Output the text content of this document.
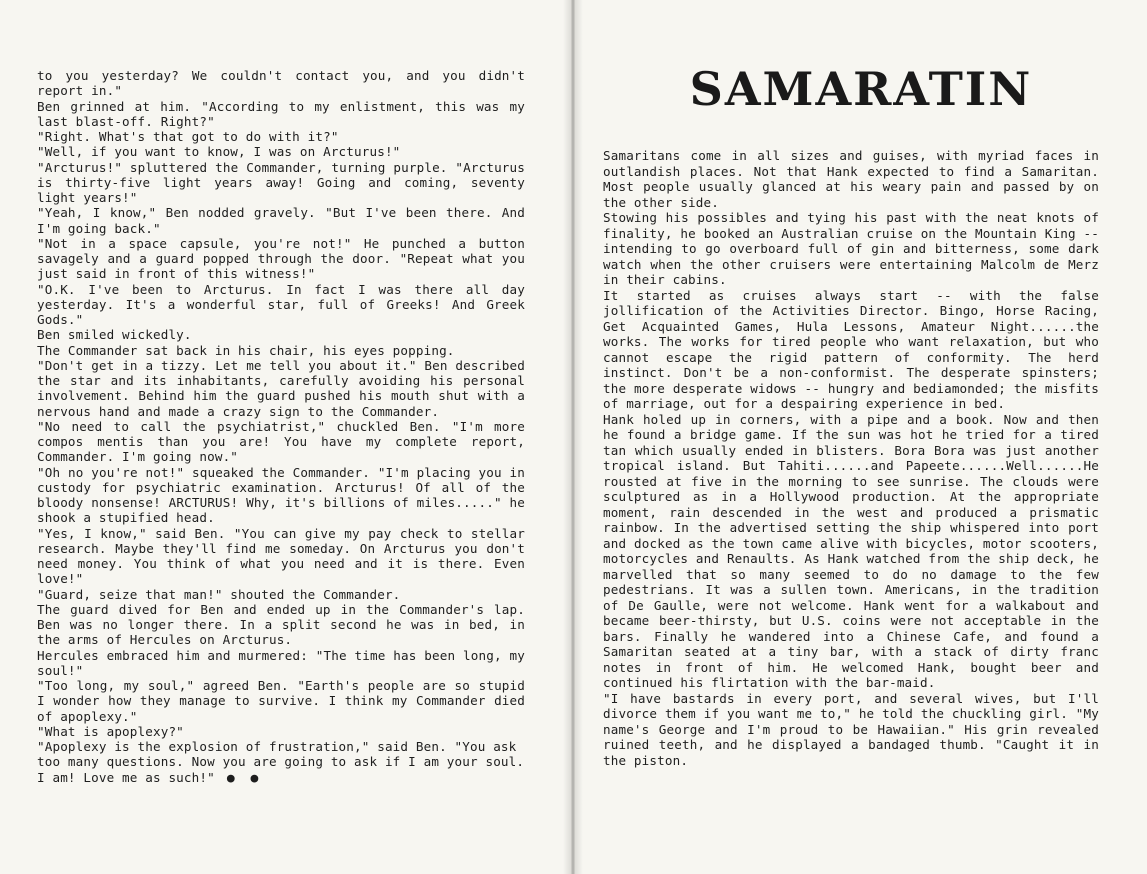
to you yesterday? We couldn't contact you, and you didn't report in."

Ben grinned at him. "According to my enlistment, this was my last blast-off. Right?"

"Right. What's that got to do with it?"

"Well, if you want to know, I was on Arcturus!"

"Arcturus!" spluttered the Commander, turning purple. "Arcturus is thirty-five light years away! Going and coming, seventy light years!"

"Yeah, I know," Ben nodded gravely. "But I've been there. And I'm going back."

"Not in a space capsule, you're not!" He punched a button savagely and a guard popped through the door. "Repeat what you just said in front of this witness!"

"O.K. I've been to Arcturus. In fact I was there all day yesterday. It's a wonderful star, full of Greeks! And Greek Gods."

Ben smiled wickedly.

The Commander sat back in his chair, his eyes popping.

"Don't get in a tizzy. Let me tell you about it." Ben described the star and its inhabitants, carefully avoiding his personal involvement. Behind him the guard pushed his mouth shut with a nervous hand and made a crazy sign to the Commander.

"No need to call the psychiatrist," chuckled Ben. "I'm more compos mentis than you are! You have my complete report, Commander. I'm going now."

"Oh no you're not!" squeaked the Commander. "I'm placing you in custody for psychiatric examination. Arcturus! Of all of the bloody nonsense! ARCTURUS! Why, it's billions of miles....." he shook a stupified head.

"Yes, I know," said Ben. "You can give my pay check to stellar research. Maybe they'll find me someday. On Arcturus you don't need money. You think of what you need and it is there. Even love!"

"Guard, seize that man!" shouted the Commander.

The guard dived for Ben and ended up in the Commander's lap. Ben was no longer there. In a split second he was in bed, in the arms of Hercules on Arcturus.

Hercules embraced him and murmered: "The time has been long, my soul!"

"Too long, my soul," agreed Ben. "Earth's people are so stupid I wonder how they manage to survive. I think my Commander died of apoplexy."

"What is apoplexy?"

"Apoplexy is the explosion of frustration," said Ben. "You ask too many questions. Now you are going to ask if I am your soul. I am! Love me as such!" ● ●

SAMARATIN

Samaritans come in all sizes and guises, with myriad faces in outlandish places. Not that Hank expected to find a Samaritan. Most people usually glanced at his weary pain and passed by on the other side.

Stowing his possibles and tying his past with the neat knots of finality, he booked an Australian cruise on the Mountain King -- intending to go overboard full of gin and bitterness, some dark watch when the other cruisers were entertaining Malcolm de Merz in their cabins.

It started as cruises always start -- with the false jollification of the Activities Director. Bingo, Horse Racing, Get Acquainted Games, Hula Lessons, Amateur Night......the works. The works for tired people who want relaxation, but who cannot escape the rigid pattern of conformity. The herd instinct. Don't be a non-conformist. The desperate spinsters; the more desperate widows -- hungry and bediamonded; the misfits of marriage, out for a despairing experience in bed.

Hank holed up in corners, with a pipe and a book. Now and then he found a bridge game. If the sun was hot he tried for a tired tan which usually ended in blisters. Bora Bora was just another tropical island. But Tahiti......and Papeete......Well......He rousted at five in the morning to see sunrise. The clouds were sculptured as in a Hollywood production. At the appropriate moment, rain descended in the west and produced a prismatic rainbow. In the advertised setting the ship whispered into port and docked as the town came alive with bicycles, motor scooters, motorcycles and Renaults. As Hank watched from the ship deck, he marvelled that so many seemed to do no damage to the few pedestrians. It was a sullen town. Americans, in the tradition of De Gaulle, were not welcome. Hank went for a walkabout and became beer-thirsty, but U.S. coins were not acceptable in the bars. Finally he wandered into a Chinese Cafe, and found a Samaritan seated at a tiny bar, with a stack of dirty franc notes in front of him. He welcomed Hank, bought beer and continued his flirtation with the bar-maid.

"I have bastards in every port, and several wives, but I'll divorce them if you want me to," he told the chuckling girl. "My name's George and I'm proud to be Hawaiian." His grin revealed ruined teeth, and he displayed a bandaged thumb. "Caught it in the piston.
